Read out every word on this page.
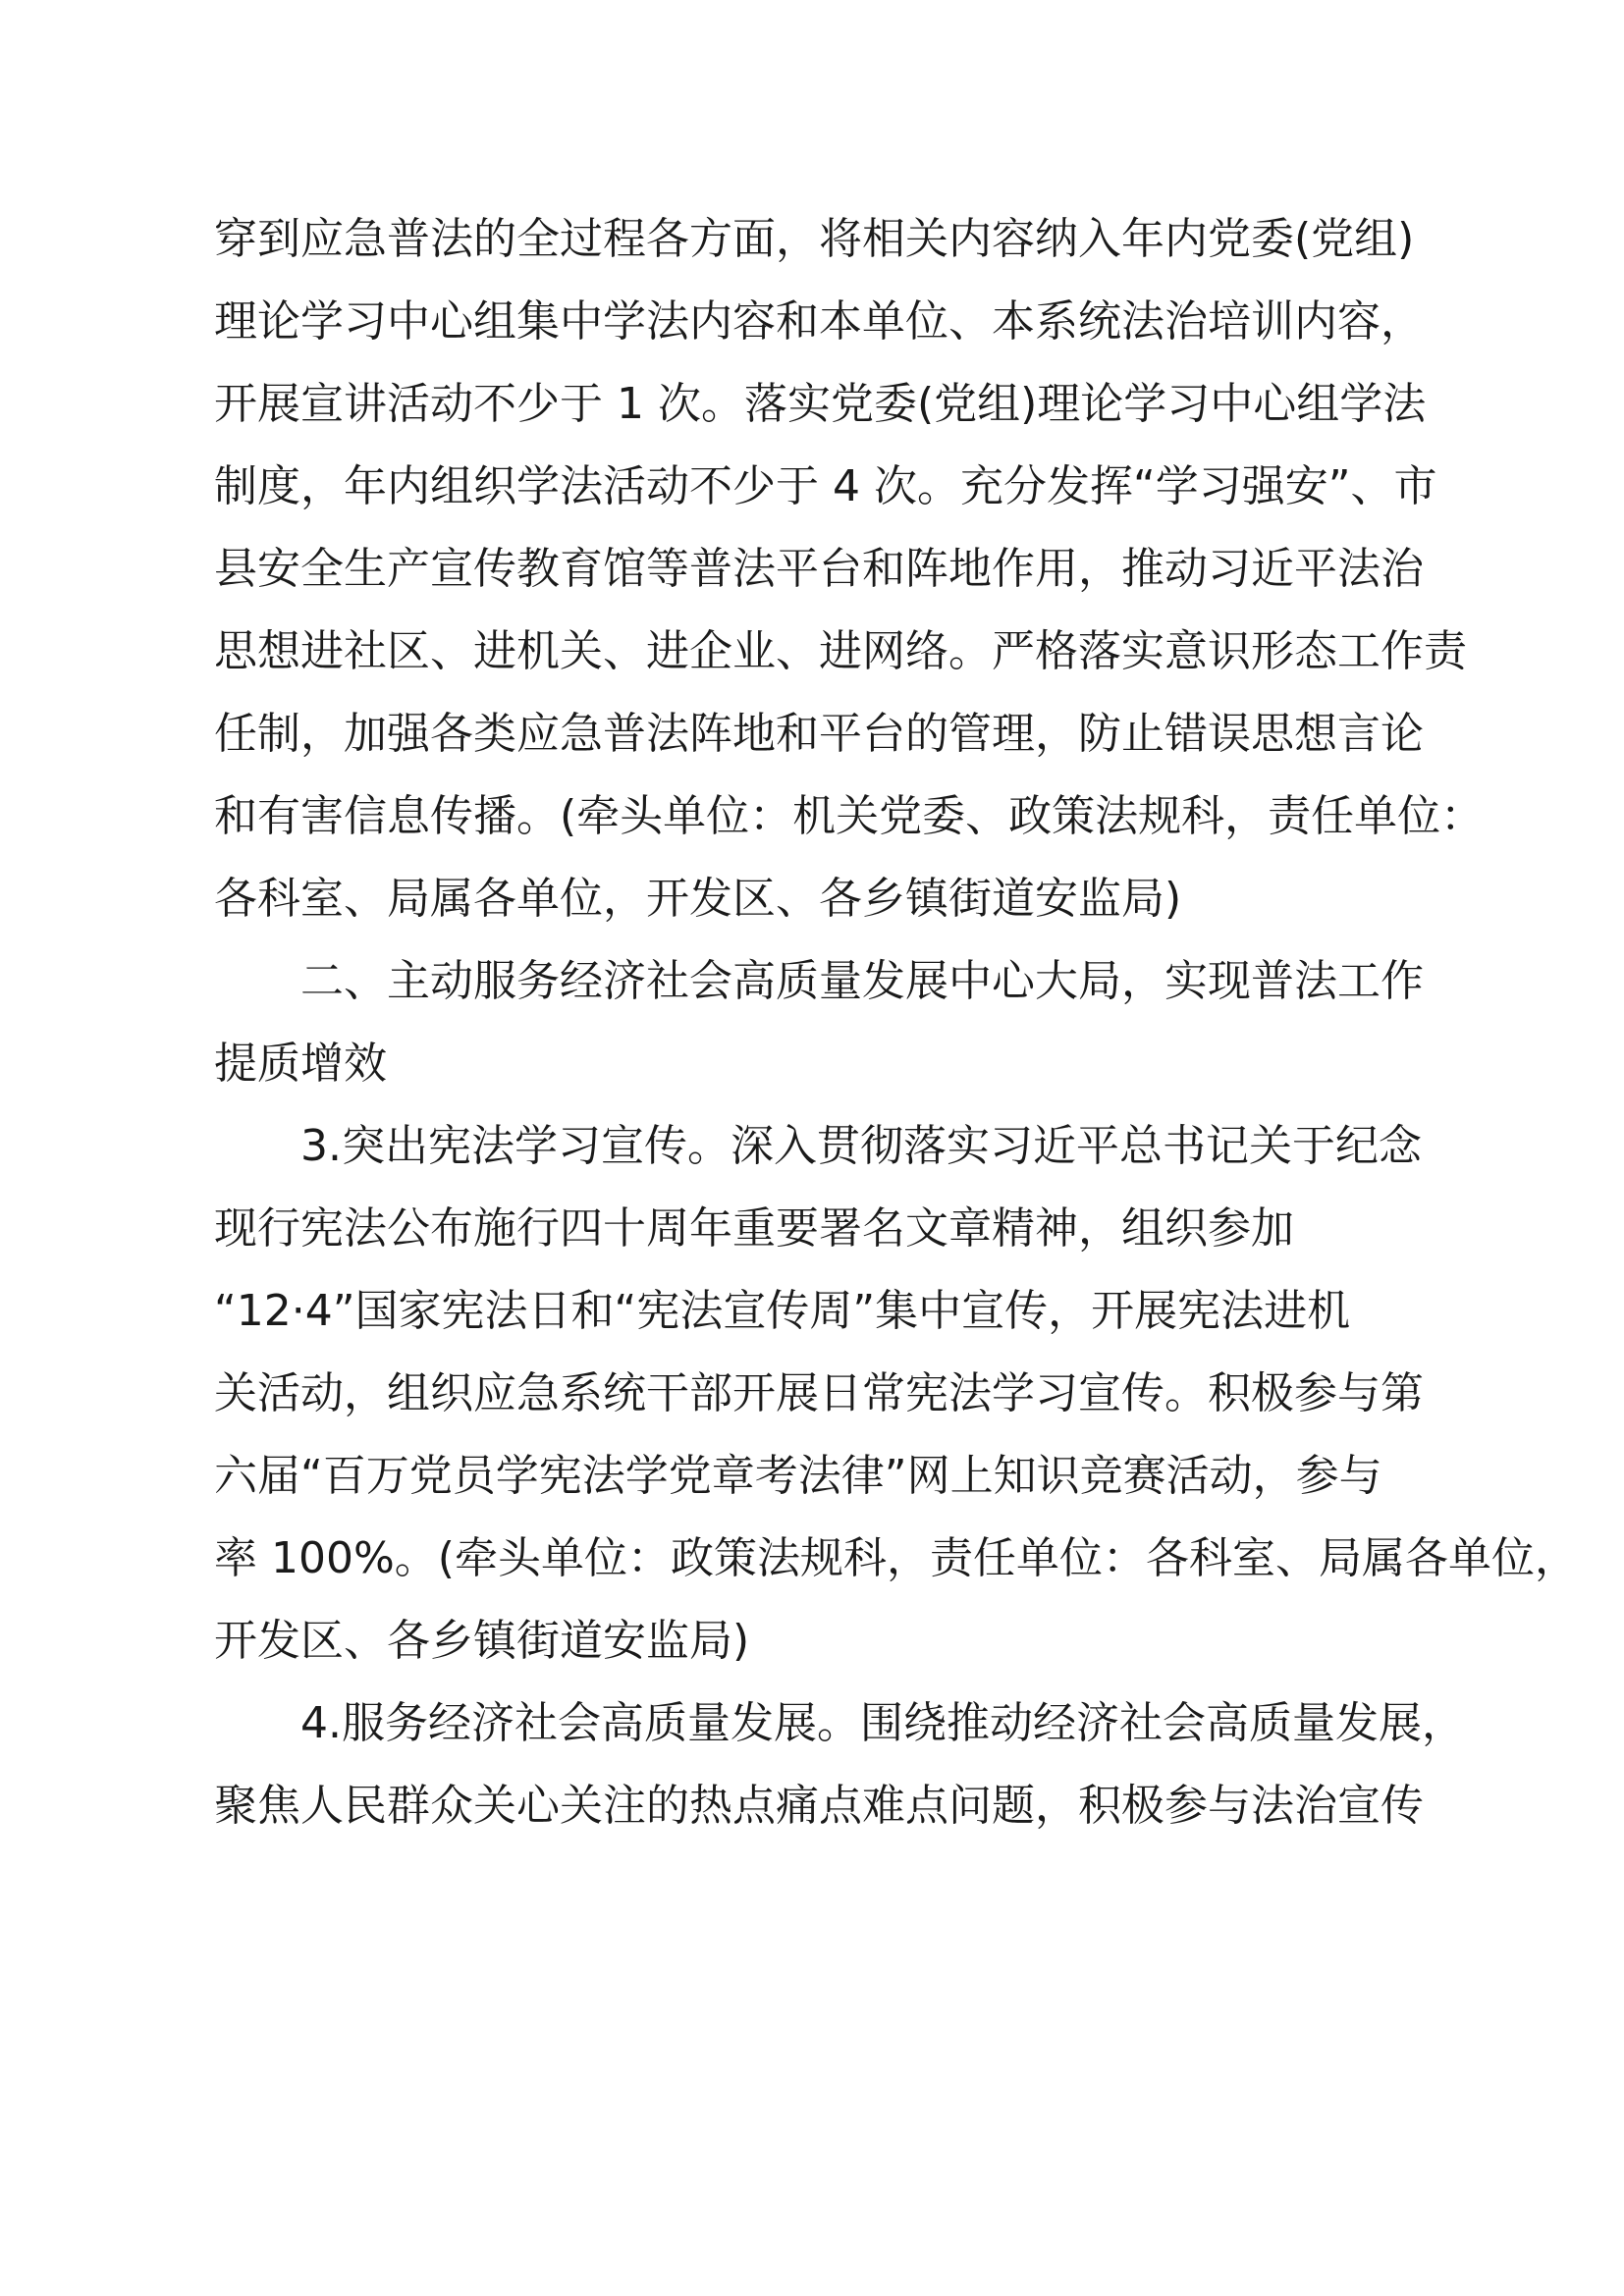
穿到应急普法的全过程各方面，将相关内容纳入年内党委(党组)
理论学习中心组集中学法内容和本单位、本系统法治培训内容，
开展宣讲活动不少于 1 次。落实党委(党组)理论学习中心组学法
制度，年内组织学法活动不少于 4 次。充分发挥“学习强安”、市
县安全生产宣传教育馆等普法平台和阵地作用，推动习近平法治
思想进社区、进机关、进企业、进网络。严格落实意识形态工作责
任制，加强各类应急普法阵地和平台的管理，防止错误思想言论
和有害信息传播。(牵头单位：机关党委、政策法规科，责任单位：
各科室、局属各单位，开发区、各乡镇街道安监局)
二、主动服务经济社会高质量发展中心大局，实现普法工作
提质增效
3.突出宪法学习宣传。深入贯彻落实习近平总书记关于纪念
现行宪法公布施行四十周年重要署名文章精神，组织参加
“12·4”国家宪法日和“宪法宣传周”集中宣传，开展宪法进机
关活动，组织应急系统干部开展日常宪法学习宣传。积极参与第
六届“百万党员学宪法学党章考法律”网上知识竞赛活动，参与
率 100%。(牵头单位：政策法规科，责任单位：各科室、局属各单位，
开发区、各乡镇街道安监局)
4.服务经济社会高质量发展。围绕推动经济社会高质量发展，
聚焦人民群众关心关注的热点痛点难点问题，积极参与法治宣传
